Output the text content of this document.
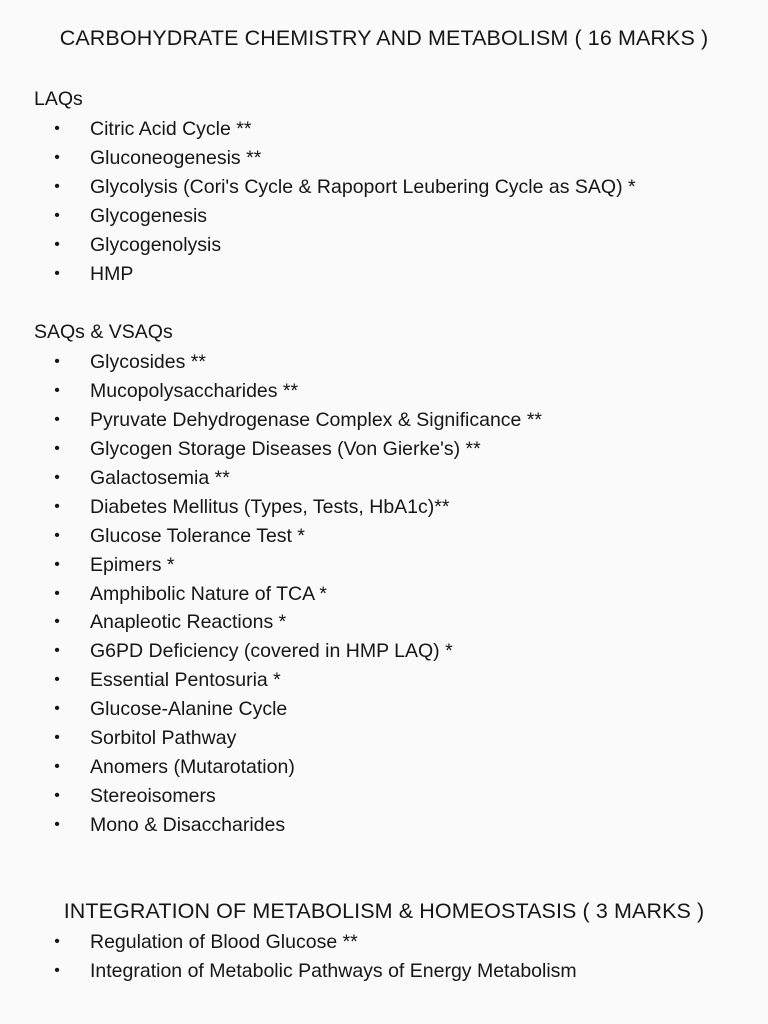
CARBOHYDRATE CHEMISTRY AND METABOLISM ( 16 MARKS )
LAQs
• Citric Acid Cycle **
• Gluconeogenesis **
• Glycolysis (Cori's Cycle & Rapoport Leubering Cycle as SAQ) *
• Glycogenesis
• Glycogenolysis
• HMP
SAQs & VSAQs
• Glycosides **
• Mucopolysaccharides **
• Pyruvate Dehydrogenase Complex & Significance **
• Glycogen Storage Diseases (Von Gierke's) **
• Galactosemia **
• Diabetes Mellitus (Types, Tests, HbA1c)**
• Glucose Tolerance Test *
• Epimers *
• Amphibolic Nature of TCA *
• Anapleotic Reactions *
• G6PD Deficiency (covered in HMP LAQ) *
• Essential Pentosuria *
• Glucose-Alanine Cycle
• Sorbitol Pathway
• Anomers (Mutarotation)
• Stereoisomers
• Mono & Disaccharides
INTEGRATION OF METABOLISM & HOMEOSTASIS ( 3 MARKS )
• Regulation of Blood Glucose **
• Integration of Metabolic Pathways of Energy Metabolism
